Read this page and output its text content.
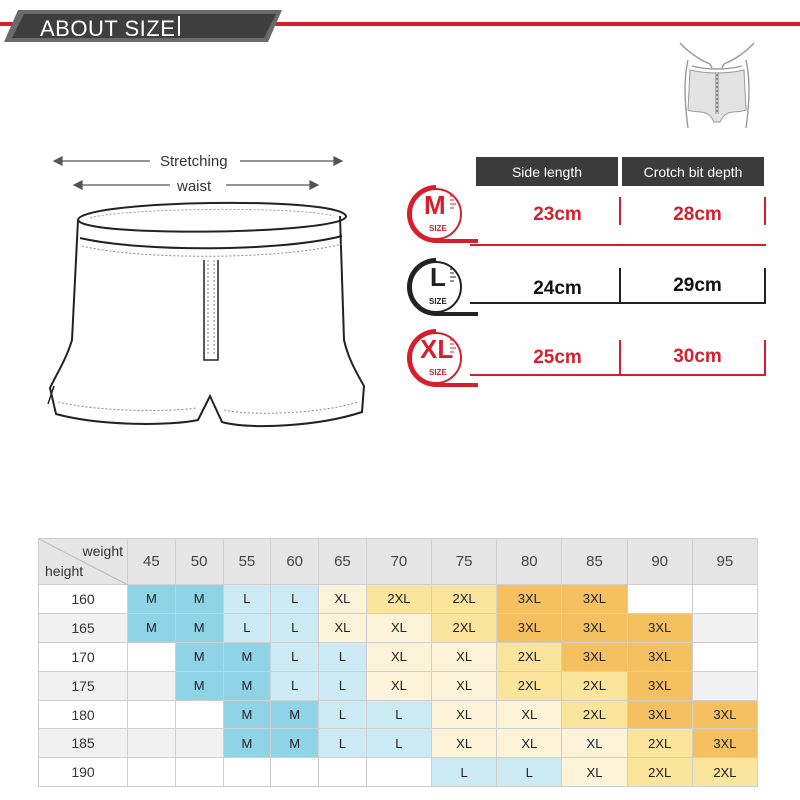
ABOUT SIZE
Stretching
waist
Side length	Crotch bit depth
M
SIZE
23cm	28cm
L
SIZE
24cm	29cm
XL
SIZE
25cm	30cm
weight
height	45	50	55	60	65	70	75	80	85	90	95
160	M	M	L	L	XL	2XL	2XL	3XL	3XL		
165	M	M	L	L	XL	XL	2XL	3XL	3XL	3XL	
170		M	M	L	L	XL	XL	2XL	3XL	3XL	
175		M	M	L	L	XL	XL	2XL	2XL	3XL	
180			M	M	L	L	XL	XL	2XL	3XL	3XL
185			M	M	L	L	XL	XL	XL	2XL	3XL
190							L	L	XL	2XL	2XL
